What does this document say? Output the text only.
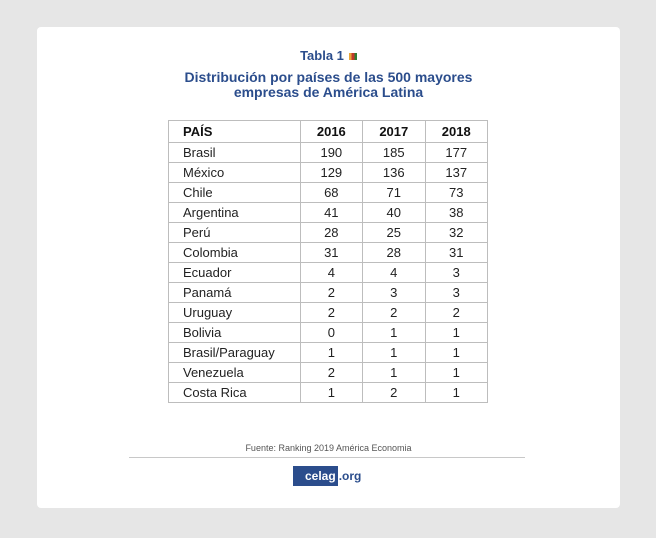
Tabla 1
Distribución por países de las 500 mayores
empresas de América Latina
PAÍS	2016	2017	2018
Brasil	190	185	177
México	129	136	137
Chile	68	71	73
Argentina	41	40	38
Perú	28	25	32
Colombia	31	28	31
Ecuador	4	4	3
Panamá	2	3	3
Uruguay	2	2	2
Bolivia	0	1	1
Brasil/Paraguay	1	1	1
Venezuela	2	1	1
Costa Rica	1	2	1
Fuente: Ranking 2019 América Economia
celag .org
